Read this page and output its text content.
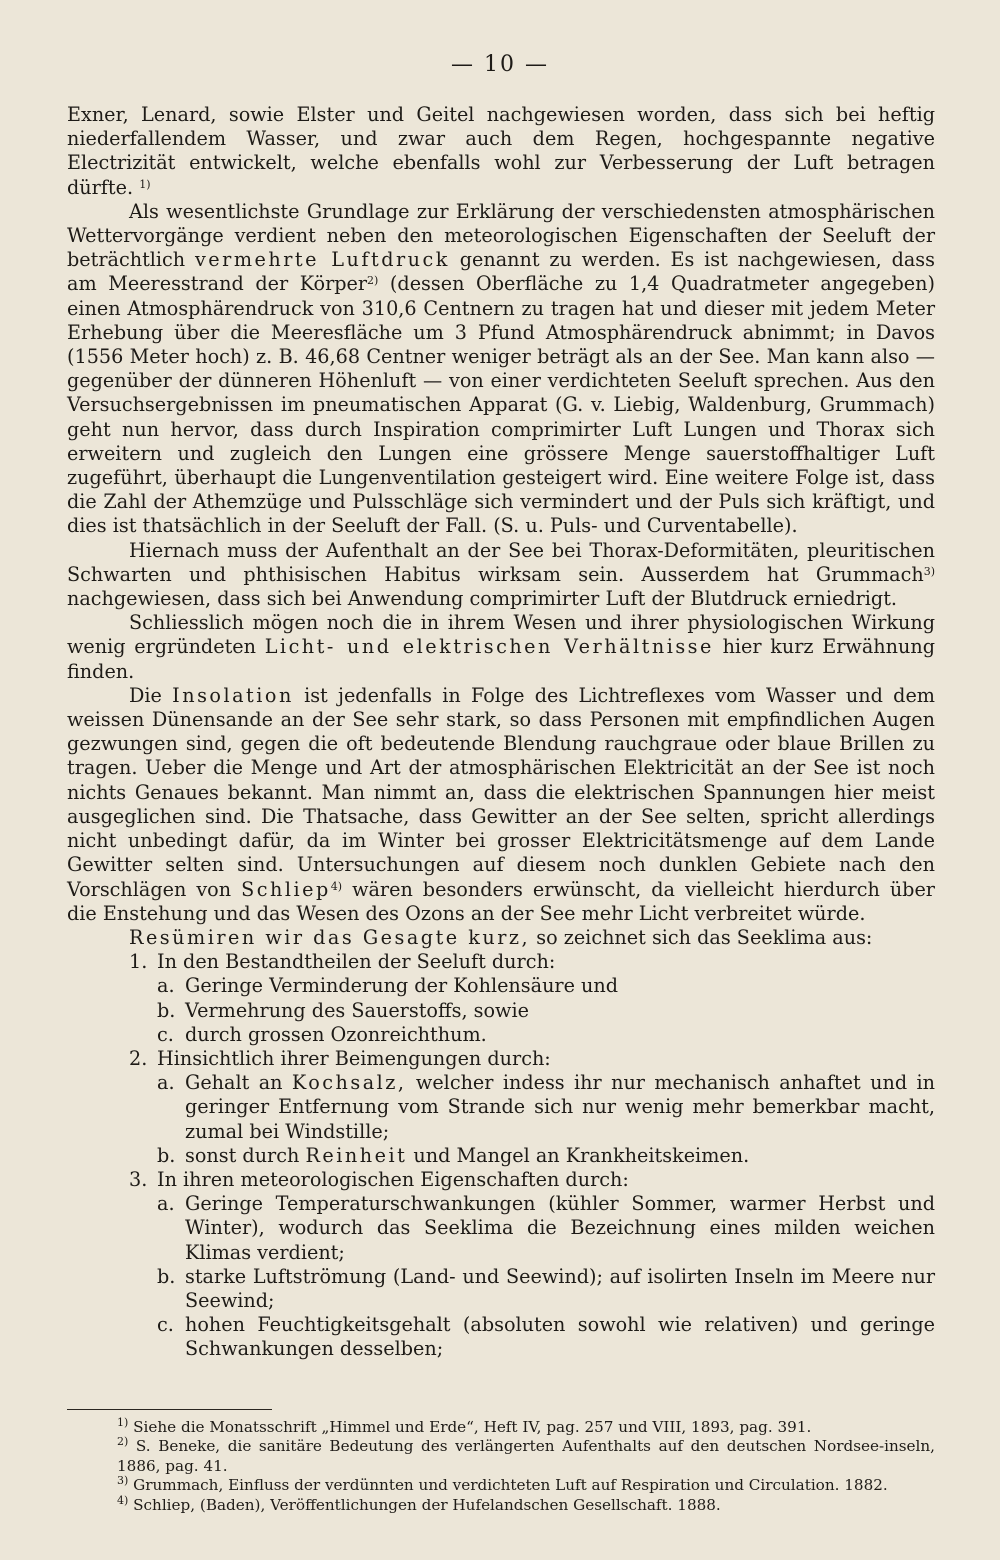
— 10 —

Exner, Lenard, sowie Elster und Geitel nachgewiesen worden, dass sich bei heftig niederfallendem Wasser, und zwar auch dem Regen, hochgespannte negative Electrizität entwickelt, welche ebenfalls wohl zur Verbesserung der Luft betragen dürfte. $^{1)}$

Als wesentlichste Grundlage zur Erklärung der verschiedensten atmosphärischen Wettervorgänge verdient neben den meteorologischen Eigenschaften der Seeluft der beträchtlich vermehrte Luftdruck genannt zu werden. Es ist nachgewiesen, dass am Meeresstrand der Körper$^{2)}$ (dessen Oberfläche zu 1,4 Quadratmeter angegeben) einen Atmosphärendruck von 310,6 Centnern zu tragen hat und dieser mit jedem Meter Erhebung über die Meeresfläche um 3 Pfund Atmosphärendruck abnimmt; in Davos (1556 Meter hoch) z. B. 46,68 Centner weniger beträgt als an der See. Man kann also — gegenüber der dünneren Höhenluft — von einer verdichteten Seeluft sprechen. Aus den Versuchsergebnissen im pneumatischen Apparat (G. v. Liebig, Waldenburg, Grummach) geht nun hervor, dass durch Inspiration comprimirter Luft Lungen und Thorax sich erweitern und zugleich den Lungen eine grössere Menge sauerstoffhaltiger Luft zugeführt, überhaupt die Lungenventilation gesteigert wird. Eine weitere Folge ist, dass die Zahl der Athemzüge und Pulsschläge sich vermindert und der Puls sich kräftigt, und dies ist thatsächlich in der Seeluft der Fall. (S. u. Puls- und Curventabelle).

Hiernach muss der Aufenthalt an der See bei Thorax-Deformitäten, pleuritischen Schwarten und phthisischen Habitus wirksam sein. Ausserdem hat Grummach$^{3)}$ nachgewiesen, dass sich bei Anwendung comprimirter Luft der Blutdruck erniedrigt.

Schliesslich mögen noch die in ihrem Wesen und ihrer physiologischen Wirkung wenig ergründeten Licht- und elektrischen Verhältnisse hier kurz Erwähnung finden.

Die Insolation ist jedenfalls in Folge des Lichtreflexes vom Wasser und dem weissen Dünensande an der See sehr stark, so dass Personen mit empfindlichen Augen gezwungen sind, gegen die oft bedeutende Blendung rauchgraue oder blaue Brillen zu tragen. Ueber die Menge und Art der atmosphärischen Elektricität an der See ist noch nichts Genaues bekannt. Man nimmt an, dass die elektrischen Spannungen hier meist ausgeglichen sind. Die Thatsache, dass Gewitter an der See selten, spricht allerdings nicht unbedingt dafür, da im Winter bei grosser Elektricitätsmenge auf dem Lande Gewitter selten sind. Untersuchungen auf diesem noch dunklen Gebiete nach den Vorschlägen von Schliep$^{4)}$ wären besonders erwünscht, da vielleicht hierdurch über die Enstehung und das Wesen des Ozons an der See mehr Licht verbreitet würde.

Resümiren wir das Gesagte kurz, so zeichnet sich das Seeklima aus:

1. In den Bestandtheilen der Seeluft durch:
a. Geringe Verminderung der Kohlensäure und
b. Vermehrung des Sauerstoffs, sowie
c. durch grossen Ozonreichthum.
2. Hinsichtlich ihrer Beimengungen durch:
a. Gehalt an Kochsalz, welcher indess ihr nur mechanisch anhaftet und in geringer Entfernung vom Strande sich nur wenig mehr bemerkbar macht, zumal bei Windstille;
b. sonst durch Reinheit und Mangel an Krankheitskeimen.
3. In ihren meteorologischen Eigenschaften durch:
a. Geringe Temperaturschwankungen (kühler Sommer, warmer Herbst und Winter), wodurch das Seeklima die Bezeichnung eines milden weichen Klimas verdient;
b. starke Luftströmung (Land- und Seewind); auf isolirten Inseln im Meere nur Seewind;
c. hohen Feuchtigkeitsgehalt (absoluten sowohl wie relativen) und geringe Schwankungen desselben;
$^{1)}$ Siehe die Monatsschrift „Himmel und Erde“, Heft IV, pag. 257 und VIII, 1893, pag. 391.
$^{2)}$ S. Beneke, die sanitäre Bedeutung des verlängerten Aufenthalts auf den deutschen Nordsee-inseln, 1886, pag. 41.
$^{3)}$ Grummach, Einfluss der verdünnten und verdichteten Luft auf Respiration und Circulation. 1882.
$^{4)}$ Schliep, (Baden), Veröffentlichungen der Hufelandschen Gesellschaft. 1888.
